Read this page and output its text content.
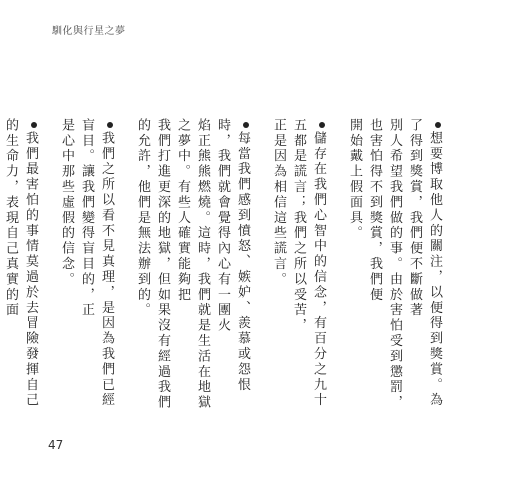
馴化與行星之夢

想要博取他人的關注，以便得到獎賞。為了得到獎賞，我們便不斷做著
別人希望我們做的事。由於害怕受到懲罰，也害怕得不到獎賞，我們便
開始戴上假面具。

儲存在我們心智中的信念，有百分之九十五都是謊言；我們之所以受苦，
正是因為相信這些謊言。

每當我們感到憤怒、嫉妒、羨慕或怨恨時，我們就會覺得內心有一團火
焰正熊熊燃燒。這時，我們就是生活在地獄之夢中。有些人確實能夠把
我們打進更深的地獄，但如果沒有經過我們的允許，他們是無法辦到的。

我們之所以看不見真理，是因為我們已經盲目。讓我們變得盲目的，正
是心中那些虛假的信念。

我們最害怕的事情莫過於去冒險發揮自己的生命力，表現自己真實的面

47
